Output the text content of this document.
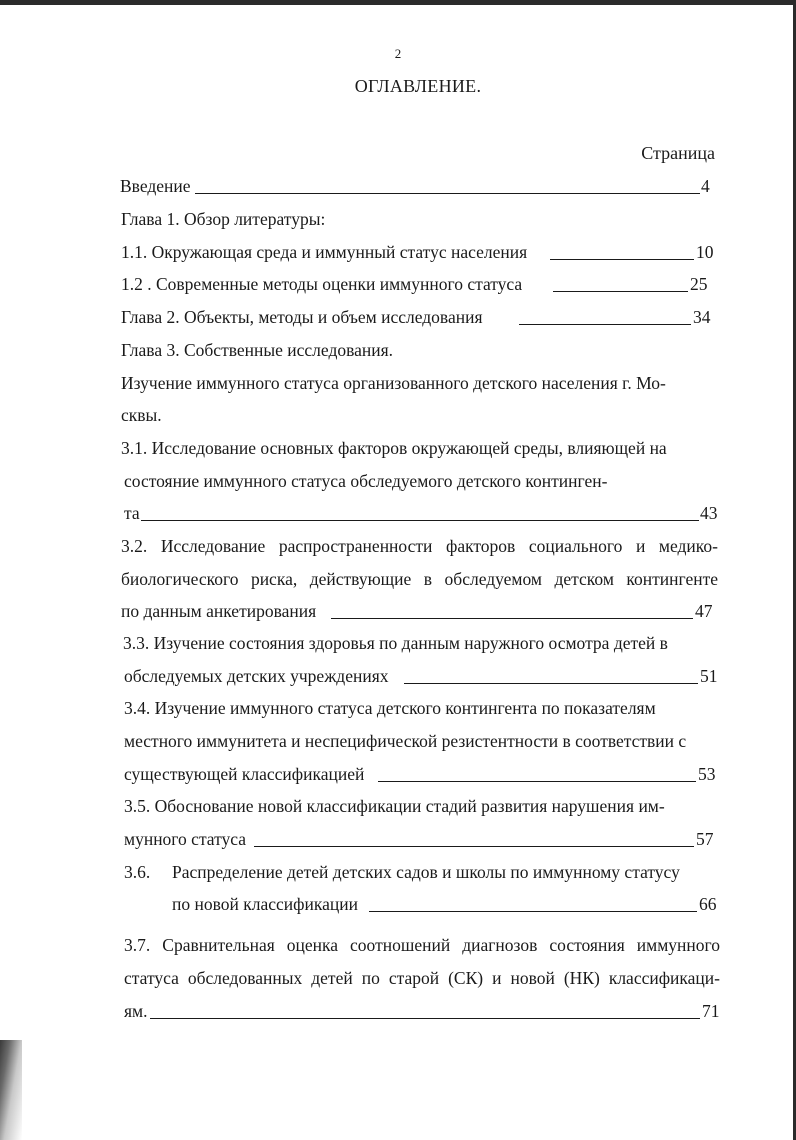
2
ОГЛАВЛЕНИЕ.
Страница
Введение	4
Глава 1. Обзор литературы:
1.1. Окружающая среда и иммунный статус населения	10
1.2 . Современные методы оценки иммунного статуса	25
Глава 2. Объекты, методы и объем исследования	34
Глава 3. Собственные исследования.
Изучение иммунного статуса организованного детского населения г. Мо-
сквы.
3.1. Исследование основных факторов окружающей среды, влияющей на
состояние иммунного статуса обследуемого детского континген-
та	43
3.2. Исследование распространенности факторов социального и медико-
биологического риска, действующие в обследуемом детском контингенте
по данным анкетирования	47
3.3. Изучение состояния здоровья по данным наружного осмотра детей в
обследуемых детских учреждениях	51
3.4. Изучение иммунного статуса детского контингента по показателям
местного иммунитета и неспецифической резистентности в соответствии с
существующей классификацией	53
3.5. Обоснование новой классификации стадий развития нарушения им-
мунного статуса	57
3.6. Распределение детей детских садов и школы по иммунному статусу
по новой классификации	66
3.7. Сравнительная оценка соотношений диагнозов состояния иммунного
статуса обследованных детей по старой (СК) и новой (НК) классификаци-
ям.	71
